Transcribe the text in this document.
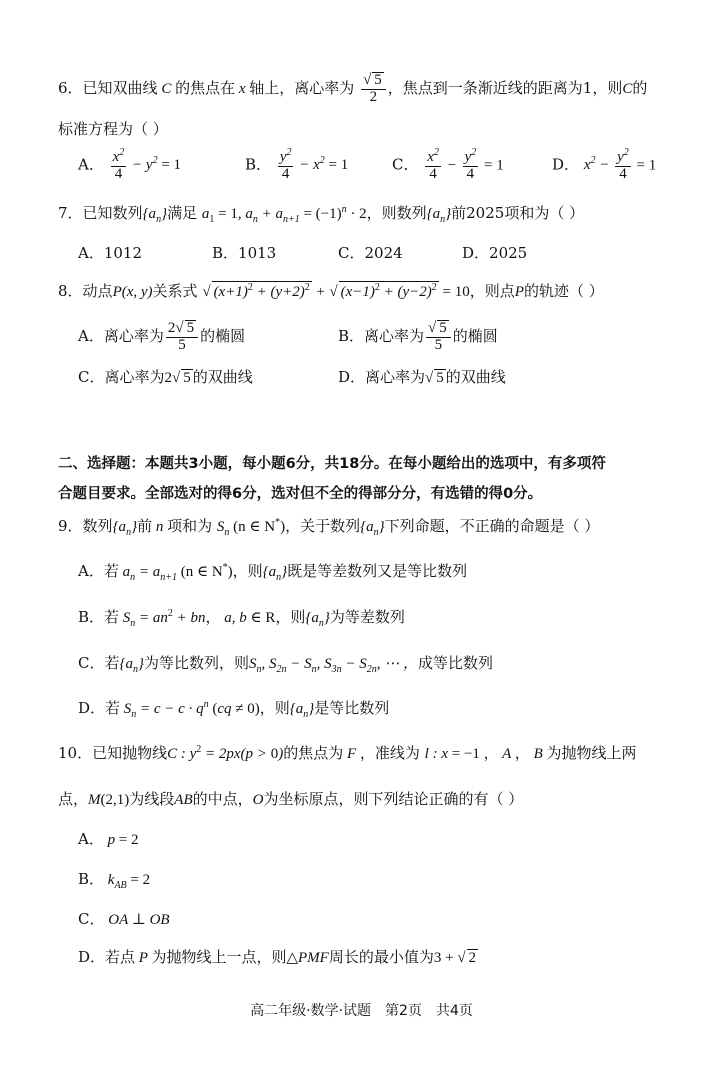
6．已知双曲线 C 的焦点在 x 轴上，离心率为 √ $\frac{5}{2}$ ，焦点到一条渐近线的距离为1，则C的
标准方程为（ ）
A． $\frac{x^2}{4} - y^2 = 1$	B． $\frac{y^2}{4} - x^2 = 1$	C． $\frac{x^2}{4} - \frac{y^2}{4} = 1$	D． $x^2 - \frac{y^2}{4} = 1$
7．已知数列$\{a_n\}$满足 $a_1 = 1$, $a_n + a_{n+1} = (-1)^n \cdot 2$，则数列$\{a_n\}$前2025项和为（ ）
A．1012	B．1013	C．2024	D．2025
8．动点P(x, y)关系式 √ $(x+1)^2 + (y+2)^2$ + √ $(x-1)^2 + (y-2)^2 = 10$，则点P的轨迹（ ）
A．离心率为 $\frac{2 √ 5}{5}$ 的椭圆	B．离心率为 √ $\frac{5}{5}$ 的椭圆
C．离心率为2 √ 5 的双曲线	D．离心率为 √ 5 的双曲线
二、选择题：本题共3小题，每小题6分，共18分。在每小题给出的选项中，有多项符
合题目要求。全部选对的得6分，选对但不全的得部分分，有选错的得0分。
9．数列$\{a_n\}$前 n 项和为 $S_n$ (n ∈ N*)，关于数列$\{a_n\}$下列命题，不正确的命题是（ ）
A．若 $a_n = a_{n+1}$ (n ∈ N*)，则$\{a_n\}$既是等差数列又是等比数列
B．若 $S_n = an^2$ + bn， a, b ∈ R，则$\{a_n\}$为等差数列
C．若$\{a_n\}$为等比数列，则$S_n$, $S_{2n} - S_n$, $S_{3n} - S_{2n}$, ⋯ ，成等比数列
D．若 $S_n = c - c \cdot q^n$ (cq ≠ 0)，则$\{a_n\}$是等比数列
10．已知抛物线C : $y^2 = 2px(p > 0)$的焦点为 F ，准线为 l : x = −1 ， A ， B 为抛物线上两
点，M(2,1)为线段AB的中点，O为坐标原点，则下列结论正确的有（ ）
A． p = 2
B． $k_{AB} = 2$
C． OA ⊥ OB
D．若点 P 为抛物线上一点，则△PMF周长的最小值为3 + √ 2
高二年级·数学·试题　第2页　共4页
